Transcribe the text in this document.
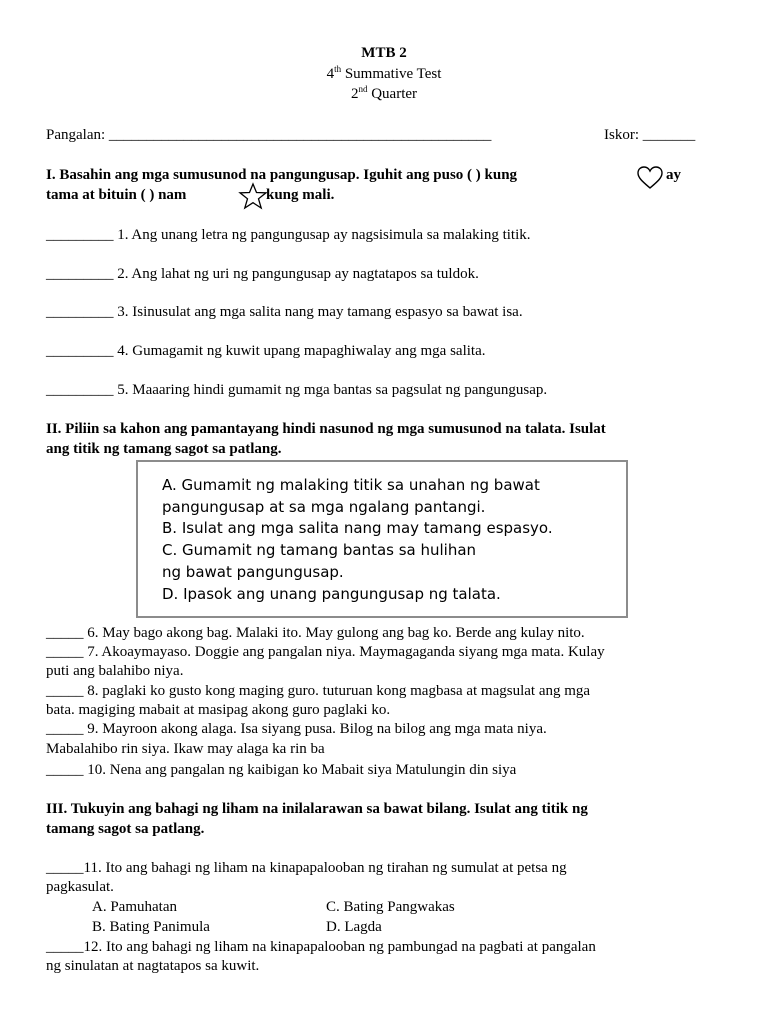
MTB 2
4th Summative Test
2nd Quarter
Pangalan: ___________________________________________________	Iskor: _______
I. Basahin ang mga sumusunod na pangungusap. Iguhit ang puso ( ) kung	ay
tama at bituin ( ) nam	kung mali.
_________ 1. Ang unang letra ng pangungusap ay nagsisimula sa malaking titik.
_________ 2. Ang lahat ng uri ng pangungusap ay nagtatapos sa tuldok.
_________ 3. Isinusulat ang mga salita nang may tamang espasyo sa bawat isa.
_________ 4. Gumagamit ng kuwit upang mapaghiwalay ang mga salita.
_________ 5. Maaaring hindi gumamit ng mga bantas sa pagsulat ng pangungusap.
II. Piliin sa kahon ang pamantayang hindi nasunod ng mga sumusunod na talata. Isulat
ang titik ng tamang sagot sa patlang.
A. Gumamit ng malaking titik sa unahan ng bawat
pangungusap at sa mga ngalang pantangi.
B. Isulat ang mga salita nang may tamang espasyo.
C. Gumamit ng tamang bantas sa hulihan
ng bawat pangungusap.
D. Ipasok ang unang pangungusap ng talata.
_____ 6. May bago akong bag. Malaki ito. May gulong ang bag ko. Berde ang kulay nito.
_____ 7. Akoaymayaso. Doggie ang pangalan niya. Maymagaganda siyang mga mata. Kulay
puti ang balahibo niya.
_____ 8. paglaki ko gusto kong maging guro. tuturuan kong magbasa at magsulat ang mga
bata. magiging mabait at masipag akong guro paglaki ko.
_____ 9. Mayroon akong alaga. Isa siyang pusa. Bilog na bilog ang mga mata niya.
Mabalahibo rin siya. Ikaw may alaga ka rin ba
_____ 10. Nena ang pangalan ng kaibigan ko Mabait siya Matulungin din siya
III. Tukuyin ang bahagi ng liham na inilalarawan sa bawat bilang. Isulat ang titik ng
tamang sagot sa patlang.
_____11. Ito ang bahagi ng liham na kinapapalooban ng tirahan ng sumulat at petsa ng
pagkasulat.
A. Pamuhatan	C. Bating Pangwakas
B. Bating Panimula	D. Lagda
_____12. Ito ang bahagi ng liham na kinapapalooban ng pambungad na pagbati at pangalan
ng sinulatan at nagtatapos sa kuwit.
